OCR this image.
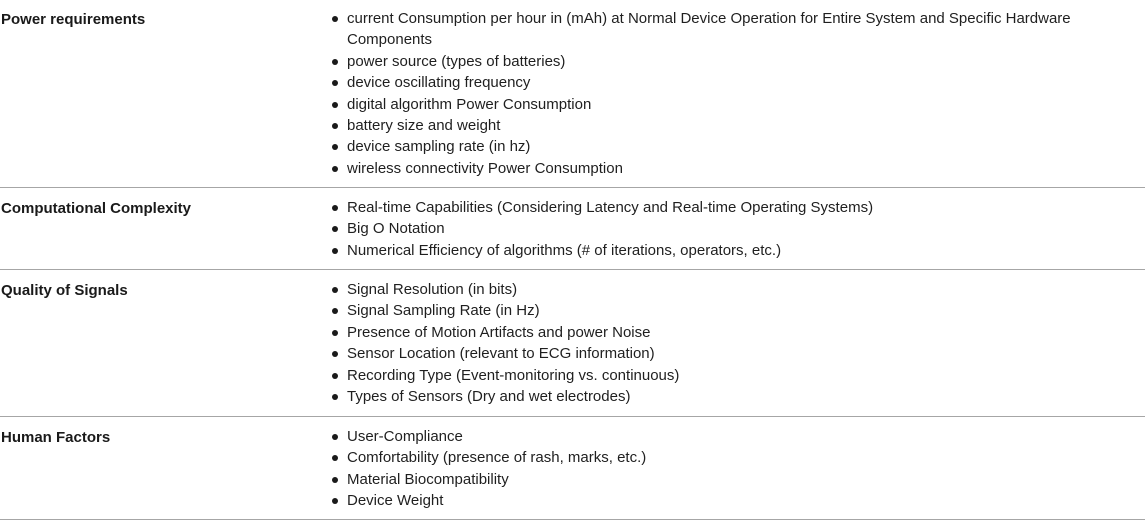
Power requirements	current Consumption per hour in (mAh) at Normal Device Operation for Entire System and Specific Hardware Components
power source (types of batteries)
device oscillating frequency
digital algorithm Power Consumption
battery size and weight
device sampling rate (in hz)
wireless connectivity Power Consumption
Computational Complexity	Real-time Capabilities (Considering Latency and Real-time Operating Systems)
Big O Notation
Numerical Efficiency of algorithms (# of iterations, operators, etc.)
Quality of Signals	Signal Resolution (in bits)
Signal Sampling Rate (in Hz)
Presence of Motion Artifacts and power Noise
Sensor Location (relevant to ECG information)
Recording Type (Event-monitoring vs. continuous)
Types of Sensors (Dry and wet electrodes)
Human Factors	User-Compliance
Comfortability (presence of rash, marks, etc.)
Material Biocompatibility
Device Weight
